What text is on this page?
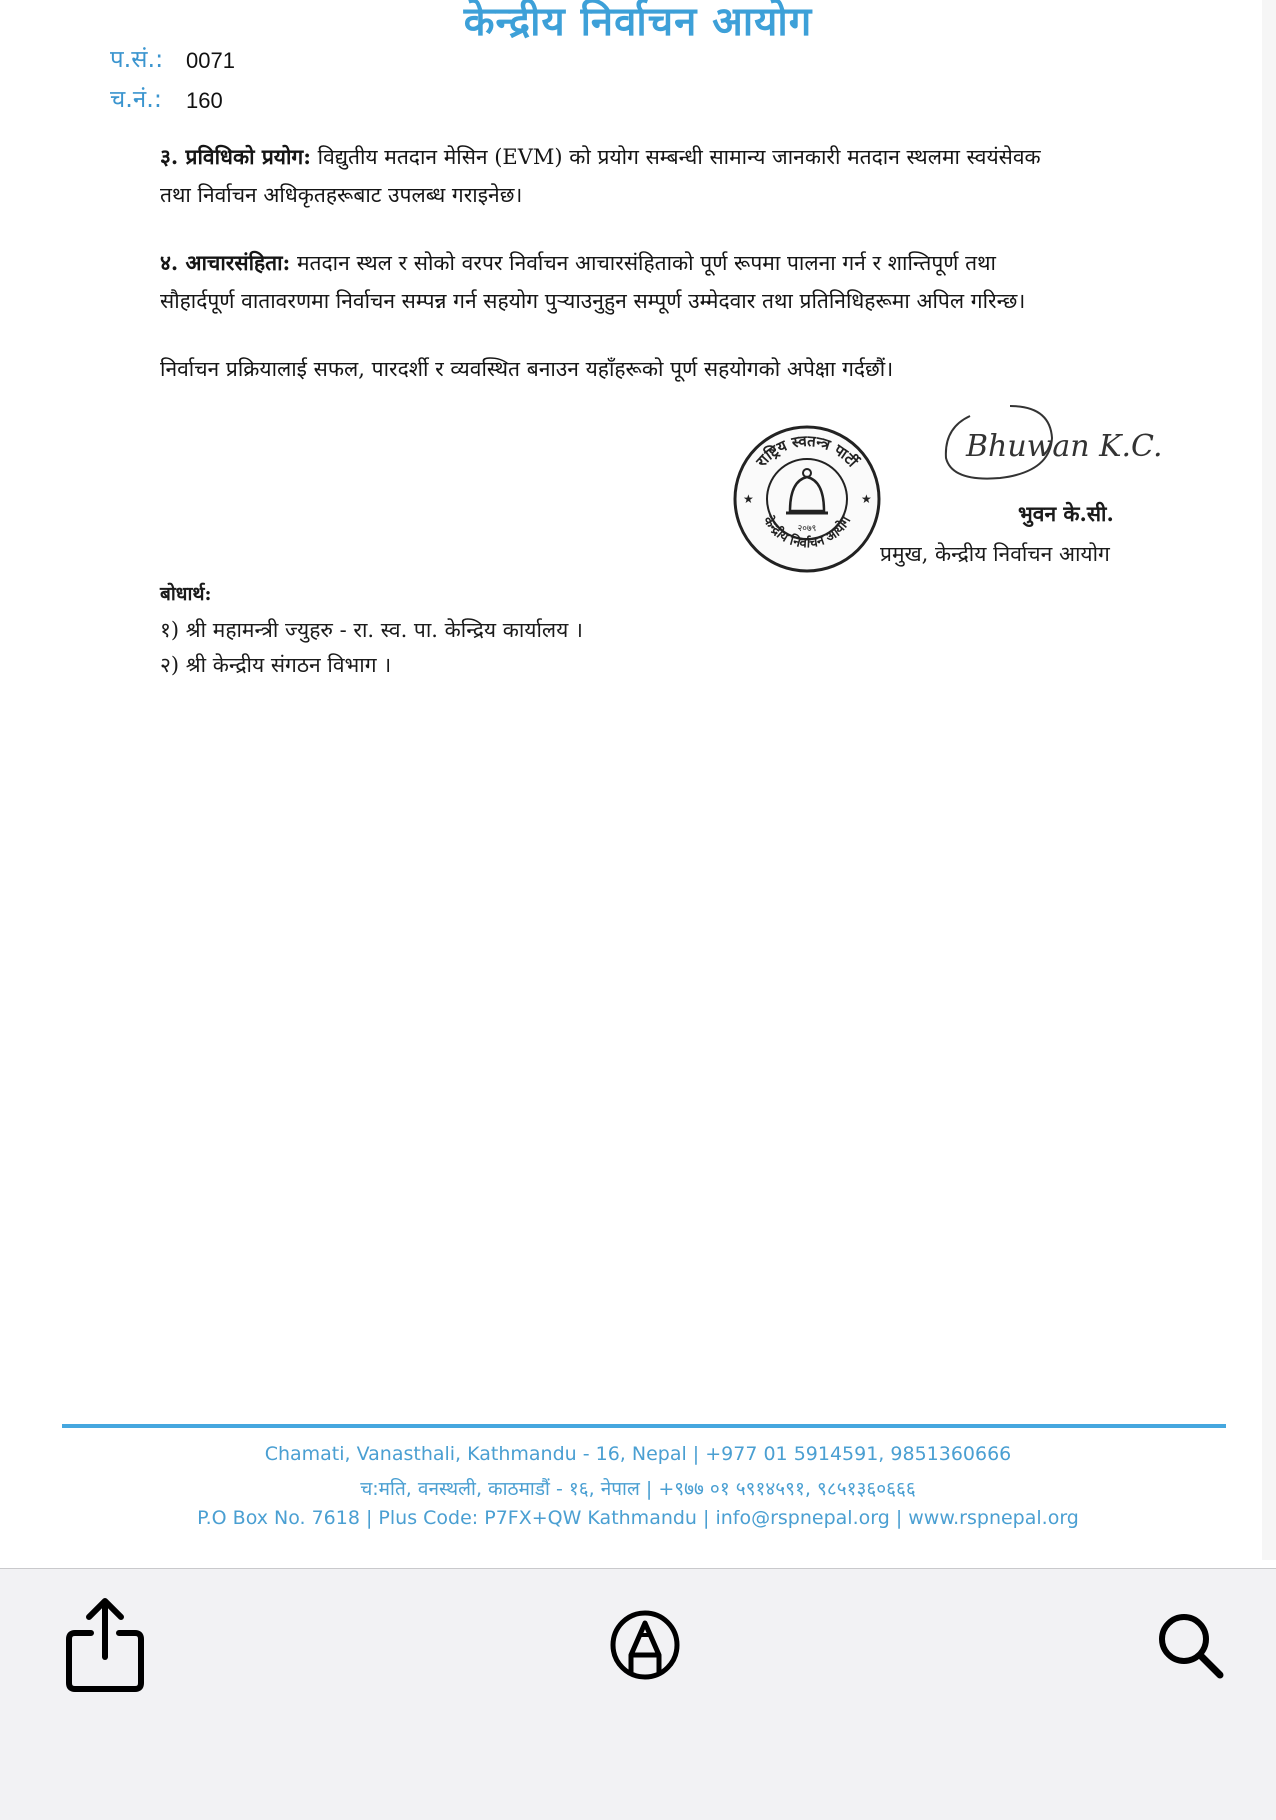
केन्द्रीय निर्वाचन आयोग
प.सं.: 0071
च.नं.: 160
३. प्रविधिको प्रयोग: विद्युतीय मतदान मेसिन (EVM) को प्रयोग सम्बन्धी सामान्य जानकारी मतदान स्थलमा स्वयंसेवक
तथा निर्वाचन अधिकृतहरूबाट उपलब्ध गराइनेछ।
४. आचारसंहिता: मतदान स्थल र सोको वरपर निर्वाचन आचारसंहिताको पूर्ण रूपमा पालना गर्न र शान्तिपूर्ण तथा
सौहार्दपूर्ण वातावरणमा निर्वाचन सम्पन्न गर्न सहयोग पुऱ्याउनुहुन सम्पूर्ण उम्मेदवार तथा प्रतिनिधिहरूमा अपिल गरिन्छ।
निर्वाचन प्रक्रियालाई सफल, पारदर्शी र व्यवस्थित बनाउन यहाँहरूको पूर्ण सहयोगको अपेक्षा गर्दछौं।
राष्ट्रिय स्वतन्त्र पार्टी
केन्द्रीय निर्वाचन आयोग
२०७९
★	★
Bhuwan K.C.
भुवन के.सी.
प्रमुख, केन्द्रीय निर्वाचन आयोग
बोधार्थ:
१) श्री महामन्त्री ज्युहरु - रा. स्व. पा. केन्द्रिय कार्यालय ।
२) श्री केन्द्रीय संगठन विभाग ।
Chamati, Vanasthali, Kathmandu - 16, Nepal | +977 01 5914591, 9851360666
च:मति, वनस्थली, काठमाडौं - १६, नेपाल | +९७७ ०१ ५९१४५९१, ९८५१३६०६६६
P.O Box No. 7618 | Plus Code: P7FX+QW Kathmandu | info@rspnepal.org | www.rspnepal.org
